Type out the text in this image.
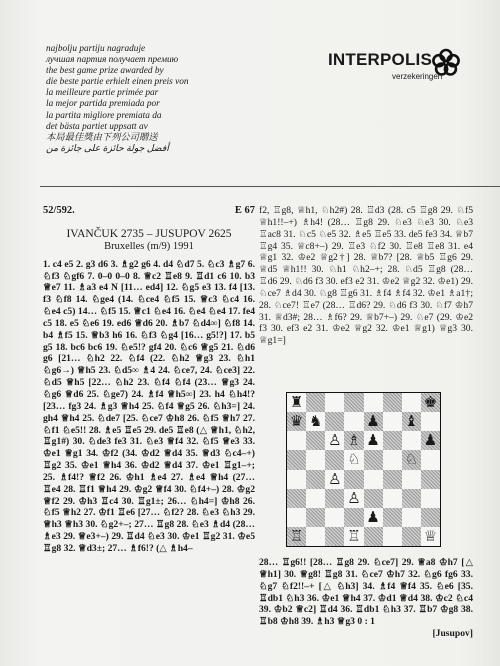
najbolju partiju nagraduje
лучшая партия получает премию
the best game prize awarded by
die beste partie erhielt einen preis von
la meilleure partie primée par
la mejor partida premiada por
la partita migliore premiata da
det bästa partiet uppsatt av
本局最佳獎由下列公司贈送
أفضل جولة حائزة على جائزة من
INTERPOLIS
verzekeringen
52/592.	E 67
IVANČUK 2735 – JUSUPOV 2625
Bruxelles (m/9) 1991

1. c4 e5 2. g3 d6 3. ♗g2 g6 4. d4 ♘d7 5. ♘c3 ♗g7 6. ♘f3 ♘gf6 7. 0–0 0–0 8. ♕c2 ♖e8 9. ♖d1 c6 10. b3 ♕e7 11. ♗a3 e4 N [11… ed4] 12. ♘g5 e3 13. f4 [13. f3 ♘f8 14. ♘ge4 (14. ♘ce4 ♘f5 15. ♕c3 ♘c4 16. ♘e4 c5) 14… ♘f5 15. ♕c1 ♘e4 16. ♘e4 ♘e4 17. fe4 c5 18. e5 ♘e6 19. ed6 ♕d6 20. ♗b7 ♘d4∞] ♘f8 14. b4 ♗f5 15. ♕b3 h6 16. ♘f3 ♘g4 [16… g5!?] 17. b5 g5 18. bc6 bc6 19. ♘e5!? gf4 20. ♘c6 ♕g5 21. ♘d6 g6 [21… ♘h2 22. ♘f4 (22. ♘h2 ♕g3 23. ♘h1 ♘g6→) ♕h5 23. ♘d5∞ ♗4 24. ♘ce7, 24. ♘ce3] 22. ♘d5 ♕h5 [22… ♘h2 23. ♘f4 ♘f4 (23… ♕g3 24. ♘g6 ♕d6 25. ♘ge7) 24. ♗f4 ♕h5∞] 23. h4 ♘h4!? [23… fg3 24. ♗g3 ♕h4 25. ♘f4 ♕g5 26. ♘h3=] 24. gh4 ♕h4 25. ♘de7 [25. ♘ce7 ♔h8 26. ♘f5 ♕h7 27. ♘f1 ♘e5!! 28. ♗e5 ♖e5 29. de5 ♖e8 (△ ♕h1, ♘h2, ♖g1#) 30. ♘de3 fe3 31. ♘e3 ♕f4 32. ♘f5 ♕e3 33. ♔e1 ♕g1 34. ♔f2 (34. ♔d2 ♕d4 35. ♕d3 ♘c4–+) ♖g2 35. ♔e1 ♕h4 36. ♔d2 ♕d4 37. ♔e1 ♖g1–+; 25. ♗f4!? ♕f2 26. ♔h1 ♗e4 27. ♗e4 ♕h4 (27… ♖e4 28. ♖f1 ♕h4 29. ♔g2 ♕f4 30. ♘f4+–) 28. ♔g2 ♕f2 29. ♔h3 ♖c4 30. ♖g1±; 26… ♘h4=] ♔h8 26. ♘f5 ♕h2 27. ♔f1 ♖e6 [27… ♘f2? 28. ♘e3 ♘h3 29. ♕h3 ♕h3 30. ♘g2+–; 27… ♖g8 28. ♘e3 ♗d4 (28… ♗e3 29. ♕e3+–) 29. ♖d4 ♘e3 30. ♔e1 ♖g2 31. ♔e5 ♖g8 32. ♕d3±; 27… ♗f6!? (△ ♗h4–

f2, ♖g8, ♕h1, ♘h2#) 28. ♖d3 (28. c5 ♖g8 29. ♘f5 ♕h1!!–+) ♗h4! (28… ♖g8 29. ♘e3 ♘e3 30. ♘e3 ♖ac8 31. ♘c5 ♘e5 32. ♗e5 ♖e5 33. de5 fe3 34. ♕b7 ♖g4 35. ♕c8+–) 29. ♖e3 ♘f2 30. ♖e8 ♖e8 31. e4 ♕g1 32. ♔e2 ♕g2†] 28. ♕b7? [28. ♕b5 ♖g6 29. ♕d5 ♕h1!! 30. ♘h1 ♘h2–+; 28. ♘d5 ♖g8 (28… ♖d6 29. ♘d6 f3 30. ef3 e2 31. ♔e2 ♕g2 32. ♔e1) 29. ♘ce7 ♗d4 30. ♘g8 ♖g6 31. ♗f4 ♗f4 32. ♔e1 ♗a1†; 28. ♘ce7! ♖e7 (28… ♖d6? 29. ♘d6 f3 30. ♘f7 ♔h7 31. ♕d3#; 28… ♗f6? 29. ♕b7+–) 29. ♘e7 (29. ♔e2 f3 30. ef3 e2 31. ♔e2 ♕g2 32. ♔e1 ♕g1) ♕g3 30. ♕g1=]

♜	♚
♛ ♞	♟ ♝
♙ ♗ ♟	♟
♘	♘
♙
♙
♟
♖	♖	♕

28… ♖g6!! [28… ♖g8 29. ♘ce7] 29. ♕a8 ♔h7 [△ ♕h1] 30. ♕g8! ♖g8 31. ♘ce7 ♔h7 32. ♘g6 fg6 33. ♘g7 ♘f2!!–+ [△ ♘h3] 34. ♗f4 ♕f4 35. ♘e6 [35. ♖db1 ♘h3 36. ♔e1 ♕h4 37. ♔d1 ♕d4 38. ♔c2 ♘c4 39. ♔b2 ♕c2] ♖d4 36. ♖db1 ♘h3 37. ♖b7 ♔g8 38. ♖b8 ♔h8 39. ♗h3 ♕g3 0 : 1

[Jusupov]
